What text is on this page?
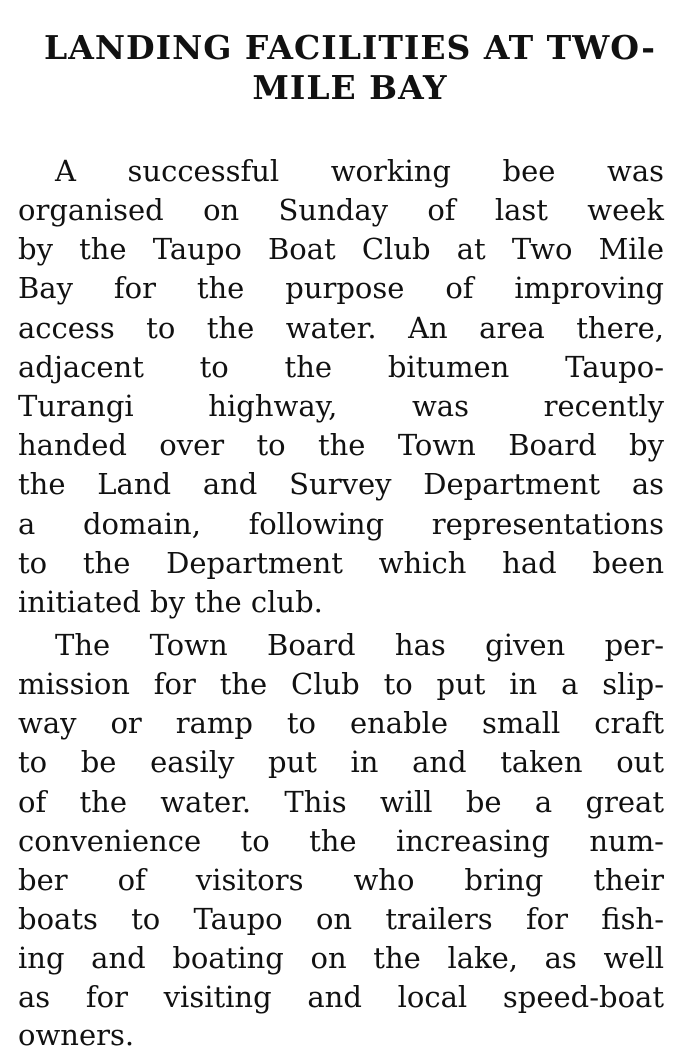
LANDING FACILITIES AT TWO-
MILE BAY
A successful working bee was
organised on Sunday of last week
by the Taupo Boat Club at Two Mile
Bay for the purpose of improving
access to the water. An area there,
adjacent to the bitumen Taupo-
Turangi highway, was recently
handed over to the Town Board by
the Land and Survey Department as
a domain, following representations
to the Department which had been
initiated by the club.
The Town Board has given per-
mission for the Club to put in a slip-
way or ramp to enable small craft
to be easily put in and taken out
of the water. This will be a great
convenience to the increasing num-
ber of visitors who bring their
boats to Taupo on trailers for fish-
ing and boating on the lake, as well
as for visiting and local speed-boat
owners.
